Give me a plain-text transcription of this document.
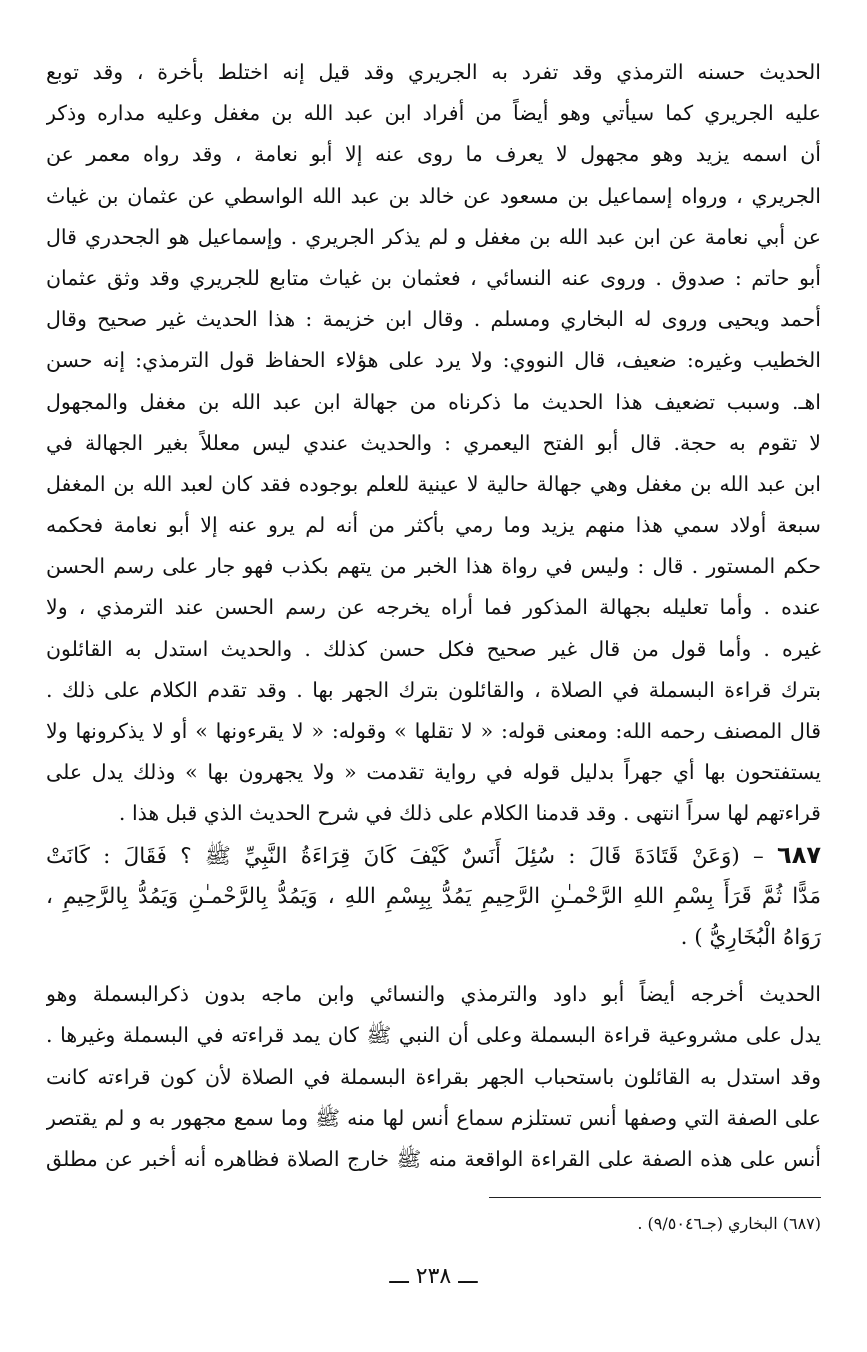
الحديث حسنه الترمذي وقد تفرد به الجريري وقد قيل إنه اختلط بأخرة ، وقد توبع
عليه الجريري كما سيأتي وهو أيضاً من أفراد ابن عبد الله بن مغفل وعليه مداره وذكر
أن اسمه يزيد وهو مجهول لا يعرف ما روى عنه إلا أبو نعامة ، وقد رواه معمر عن
الجريري ، ورواه إسماعيل بن مسعود عن خالد بن عبد الله الواسطي عن عثمان بن غياث
عن أبي نعامة عن ابن عبد الله بن مغفل و لم يذكر الجريري . وإسماعيل هو الجحدري قال
أبو حاتم : صدوق . وروى عنه النسائي ، فعثمان بن غياث متابع للجريري وقد وثق عثمان
أحمد ويحيى وروى له البخاري ومسلم . وقال ابن خزيمة : هذا الحديث غير صحيح وقال
الخطيب وغيره: ضعيف، قال النووي: ولا يرد على هؤلاء الحفاظ قول الترمذي: إنه حسن
اهـ. وسبب تضعيف هذا الحديث ما ذكرناه من جهالة ابن عبد الله بن مغفل والمجهول
لا تقوم به حجة. قال أبو الفتح اليعمري : والحديث عندي ليس معللاً بغير الجهالة في
ابن عبد الله بن مغفل وهي جهالة حالية لا عينية للعلم بوجوده فقد كان لعبد الله بن المغفل
سبعة أولاد سمي هذا منهم يزيد وما رمي بأكثر من أنه لم يرو عنه إلا أبو نعامة فحكمه
حكم المستور . قال : وليس في رواة هذا الخبر من يتهم بكذب فهو جار على رسم الحسن
عنده . وأما تعليله بجهالة المذكور فما أراه يخرجه عن رسم الحسن عند الترمذي ، ولا
غيره . وأما قول من قال غير صحيح فكل حسن كذلك . والحديث استدل به القائلون
بترك قراءة البسملة في الصلاة ، والقائلون بترك الجهر بها . وقد تقدم الكلام على ذلك .
قال المصنف رحمه الله: ومعنى قوله: « لا تقلها » وقوله: « لا يقرءونها » أو لا يذكرونها ولا
يستفتحون بها أي جهراً بدليل قوله في رواية تقدمت « ولا يجهرون بها » وذلك يدل على
قراءتهم لها سراً انتهى . وقد قدمنا الكلام على ذلك في شرح الحديث الذي قبل هذا .
٦٨٧ – (وَعَنْ قَتَادَةَ قَالَ : سُئِلَ أَنَسٌ كَيْفَ كَانَ قِرَاءَةُ النَّبِيِّ ﷺ ؟ فَقَالَ : كَانَتْ
مَدًّا ثُمَّ قَرَأَ بِسْمِ اللهِ الرَّحْمـٰنِ الرَّحِيمِ يَمُدُّ بِبِسْمِ اللهِ ، وَيَمُدُّ بِالرَّحْمـٰنِ وَيَمُدُّ بِالرَّحِيمِ ،
رَوَاهُ الْبُخَارِيُّ ) .
الحديث أخرجه أيضاً أبو داود والترمذي والنسائي وابن ماجه بدون ذكرالبسملة وهو
يدل على مشروعية قراءة البسملة وعلى أن النبي ﷺ كان يمد قراءته في البسملة وغيرها .
وقد استدل به القائلون باستحباب الجهر بقراءة البسملة في الصلاة لأن كون قراءته كانت
على الصفة التي وصفها أنس تستلزم سماع أنس لها منه ﷺ وما سمع مجهور به و لم يقتصر
أنس على هذه الصفة على القراءة الواقعة منه ﷺ خارج الصلاة فظاهره أنه أخبر عن مطلق
(٦٨٧) البخاري (جـ٩/٥٠٤٦) .
ـــ ٢٣٨ ـــ
